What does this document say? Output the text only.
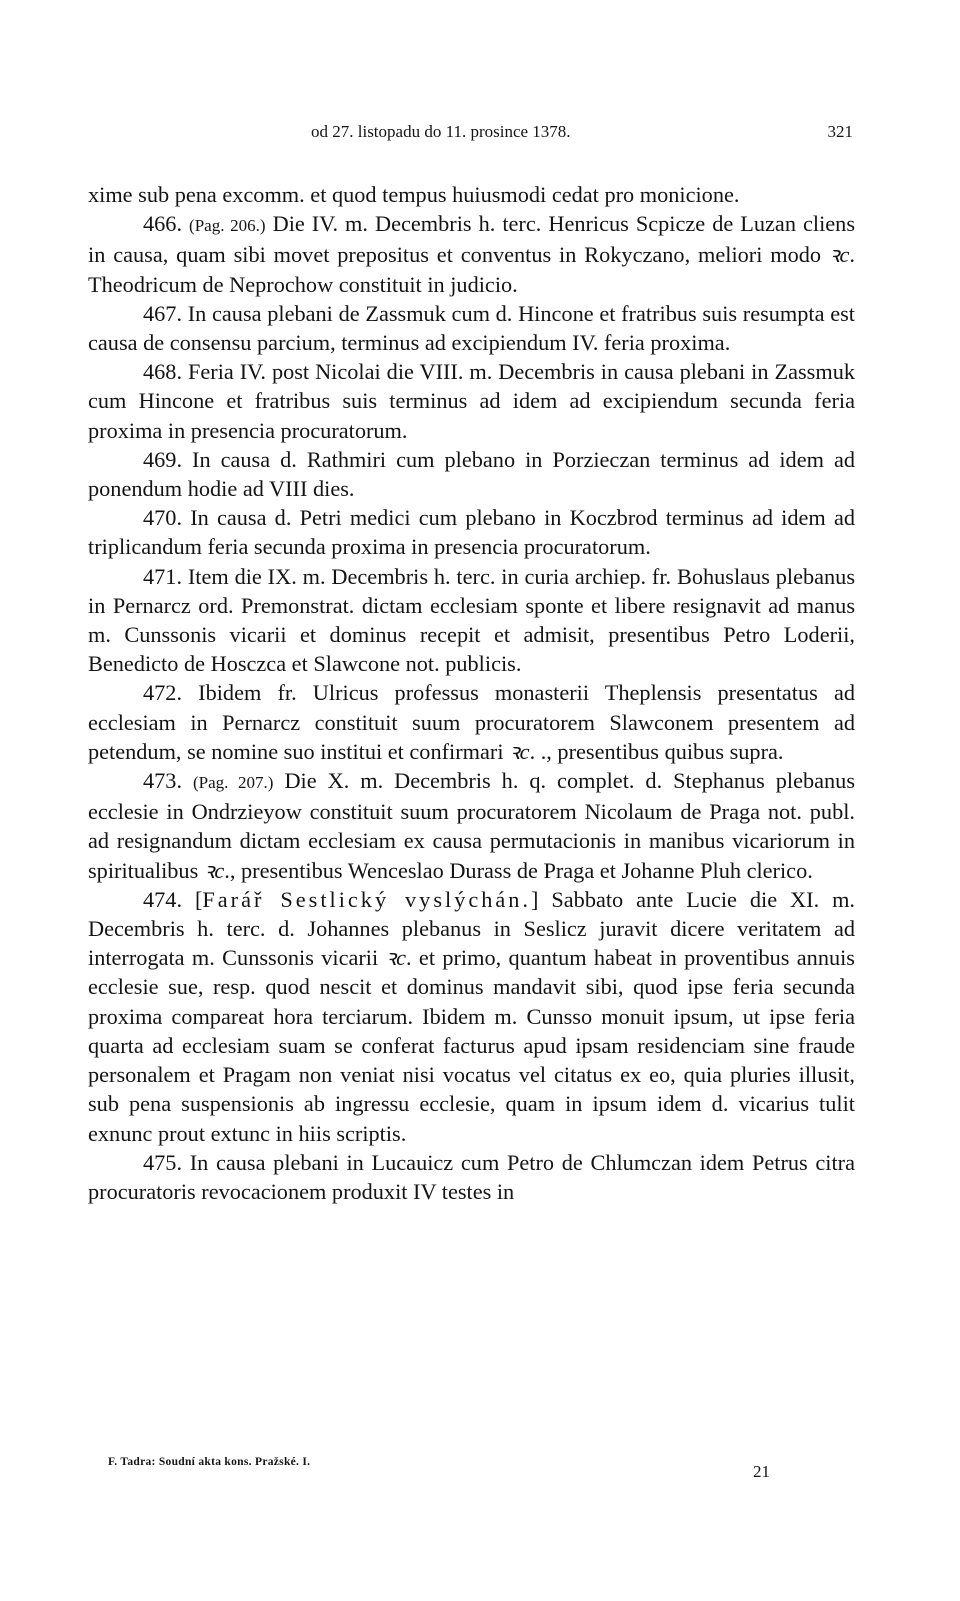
od 27. listopadu do 11. prosince 1378.	321

xime sub pena excomm. et quod tempus huiusmodi cedat pro monicione.

466. (Pag. 206.) Die IV. m. Decembris h. terc. Henricus Scpicze de Luzan cliens in causa, quam sibi movet prepositus et conventus in Rokyczano, meliori modo ꝛc. Theodricum de Neprochow constituit in judicio.

467. In causa plebani de Zassmuk cum d. Hincone et fratribus suis resumpta est causa de consensu parcium, terminus ad excipiendum IV. feria proxima.

468. Feria IV. post Nicolai die VIII. m. Decembris in causa plebani in Zassmuk cum Hincone et fratribus suis terminus ad idem ad excipiendum secunda feria proxima in presencia procuratorum.

469. In causa d. Rathmiri cum plebano in Porzieczan terminus ad idem ad ponendum hodie ad VIII dies.

470. In causa d. Petri medici cum plebano in Koczbrod terminus ad idem ad triplicandum feria secunda proxima in presencia procuratorum.

471. Item die IX. m. Decembris h. terc. in curia archiep. fr. Bohuslaus plebanus in Pernarcz ord. Premonstrat. dictam ecclesiam sponte et libere resignavit ad manus m. Cunssonis vicarii et dominus recepit et admisit, presentibus Petro Loderii, Benedicto de Hosczca et Slawcone not. publicis.

472. Ibidem fr. Ulricus professus monasterii Theplensis presentatus ad ecclesiam in Pernarcz constituit suum procuratorem Slawconem presentem ad petendum, se nomine suo institui et confirmari ꝛc. ., presentibus quibus supra.

473. (Pag. 207.) Die X. m. Decembris h. q. complet. d. Stephanus plebanus ecclesie in Ondrzieyow constituit suum procuratorem Nicolaum de Praga not. publ. ad resignandum dictam ecclesiam ex causa permutacionis in manibus vicariorum in spiritualibus ꝛc., presentibus Wenceslao Durass de Praga et Johanne Pluh clerico.

474. [Farář Sestlický vyslýchán.] Sabbato ante Lucie die XI. m. Decembris h. terc. d. Johannes plebanus in Seslicz juravit dicere veritatem ad interrogata m. Cunssonis vicarii ꝛc. et primo, quantum habeat in proventibus annuis ecclesie sue, resp. quod nescit et dominus mandavit sibi, quod ipse feria secunda proxima compareat hora terciarum. Ibidem m. Cunsso monuit ipsum, ut ipse feria quarta ad ecclesiam suam se conferat facturus apud ipsam residenciam sine fraude personalem et Pragam non veniat nisi vocatus vel citatus ex eo, quia pluries illusit, sub pena suspensionis ab ingressu ecclesie, quam in ipsum idem d. vicarius tulit exnunc prout extunc in hiis scriptis.

475. In causa plebani in Lucauicz cum Petro de Chlumczan idem Petrus citra procuratoris revocacionem produxit IV testes in

F. Tadra: Soudní akta kons. Pražské. I.	21
